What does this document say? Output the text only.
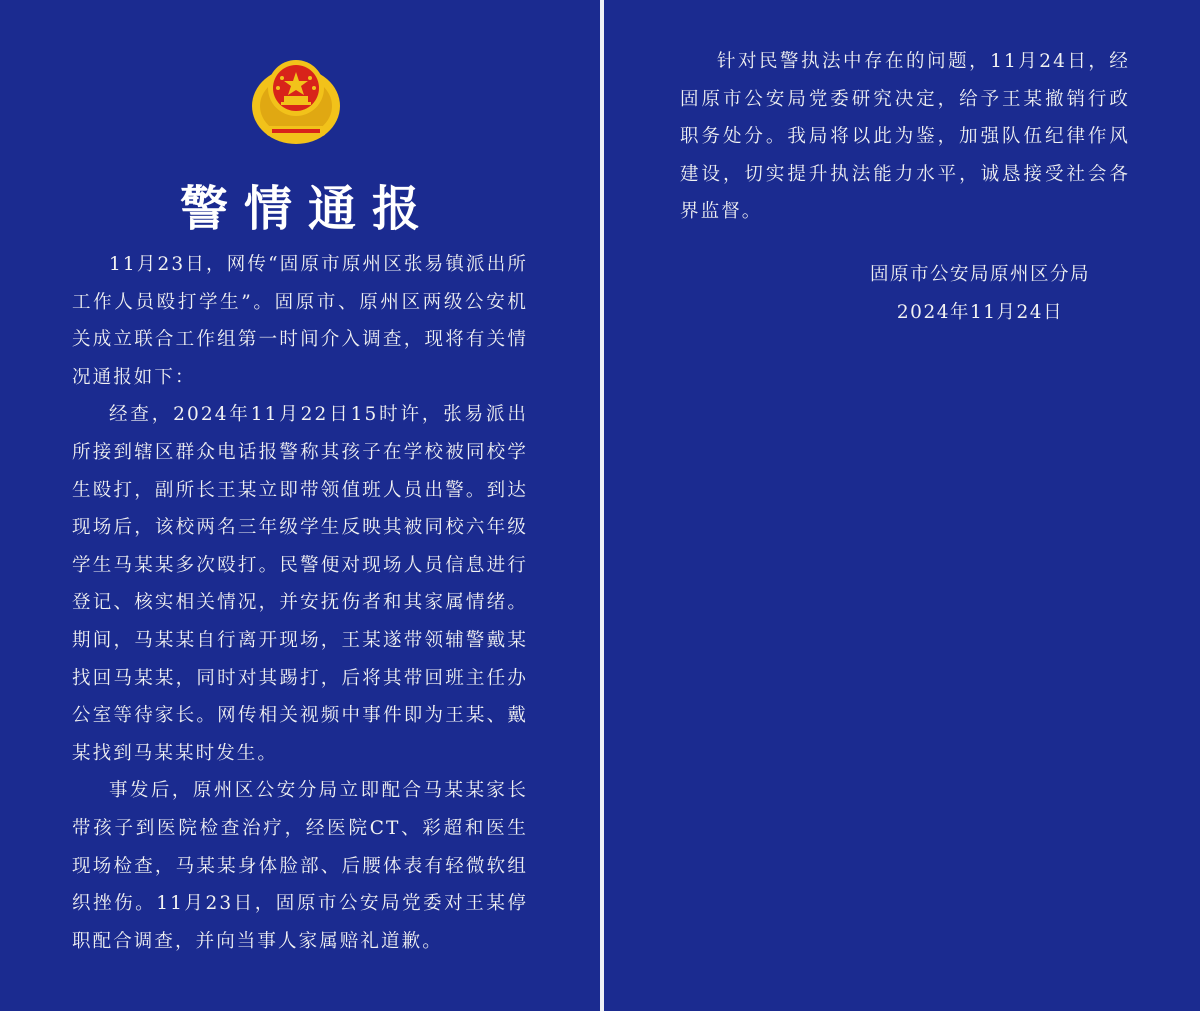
警情通报

11月23日，网传“固原市原州区张易镇派出所工作人员殴打学生”。固原市、原州区两级公安机关成立联合工作组第一时间介入调查，现将有关情况通报如下：

经查，2024年11月22日15时许，张易派出所接到辖区群众电话报警称其孩子在学校被同校学生殴打，副所长王某立即带领值班人员出警。到达现场后，该校两名三年级学生反映其被同校六年级学生马某某多次殴打。民警便对现场人员信息进行登记、核实相关情况，并安抚伤者和其家属情绪。期间，马某某自行离开现场，王某遂带领辅警戴某找回马某某，同时对其踢打，后将其带回班主任办公室等待家长。网传相关视频中事件即为王某、戴某找到马某某时发生。

事发后，原州区公安分局立即配合马某某家长带孩子到医院检查治疗，经医院CT、彩超和医生现场检查，马某某身体脸部、后腰体表有轻微软组织挫伤。11月23日，固原市公安局党委对王某停职配合调查，并向当事人家属赔礼道歉。

针对民警执法中存在的问题，11月24日，经固原市公安局党委研究决定，给予王某撤销行政职务处分。我局将以此为鉴，加强队伍纪律作风建设，切实提升执法能力水平，诚恳接受社会各界监督。

固原市公安局原州区分局
2024年11月24日
